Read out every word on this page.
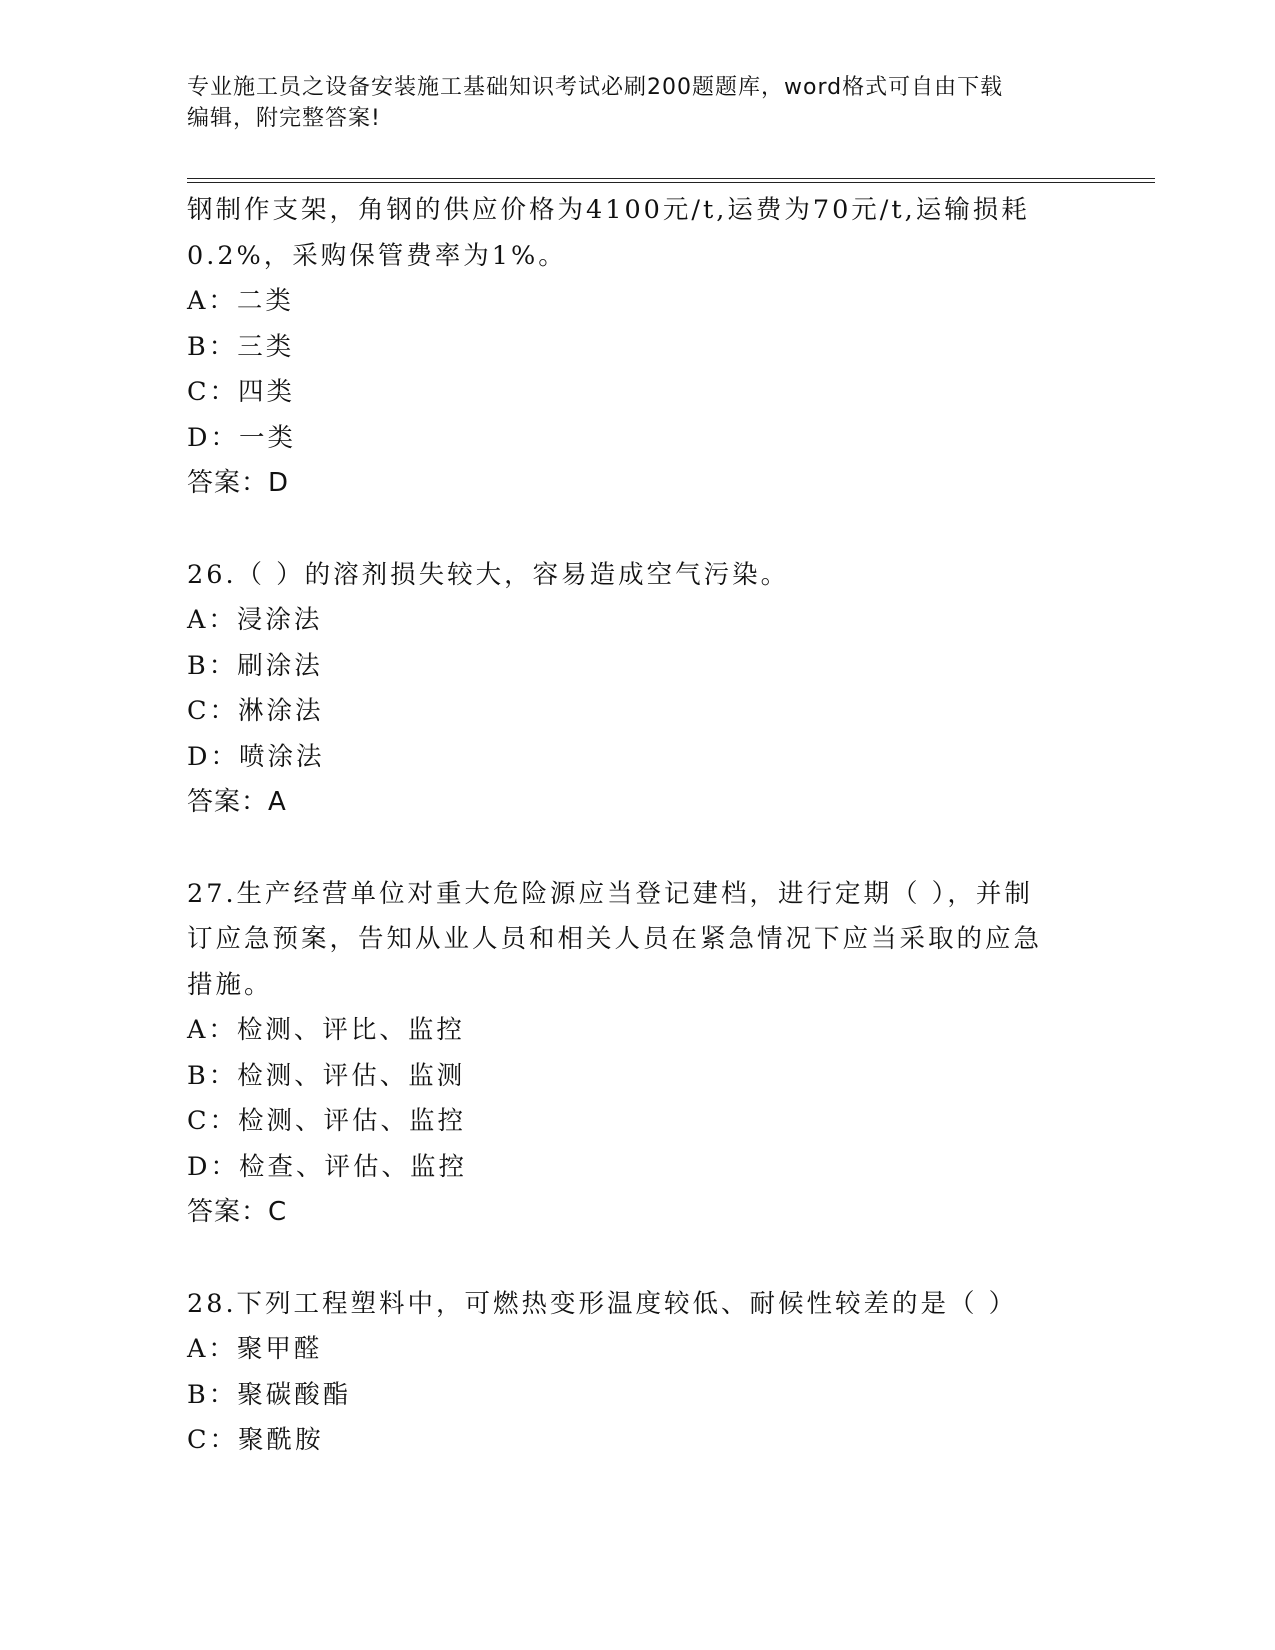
专业施工员之设备安装施工基础知识考试必刷200题题库，word格式可自由下载
编辑，附完整答案!
钢制作支架，角钢的供应价格为4100元/t,运费为70元/t,运输损耗
0.2%，采购保管费率为1%。
A：二类
B：三类
C：四类
D：一类
答案：D
26.（ ）的溶剂损失较大，容易造成空气污染。
A：浸涂法
B：刷涂法
C：淋涂法
D：喷涂法
答案：A
27.生产经营单位对重大危险源应当登记建档，进行定期（ ），并制
订应急预案，告知从业人员和相关人员在紧急情况下应当采取的应急
措施。
A：检测、评比、监控
B：检测、评估、监测
C：检测、评估、监控
D：检查、评估、监控
答案：C
28.下列工程塑料中，可燃热变形温度较低、耐候性较差的是（ ）
A：聚甲醛
B：聚碳酸酯
C：聚酰胺
